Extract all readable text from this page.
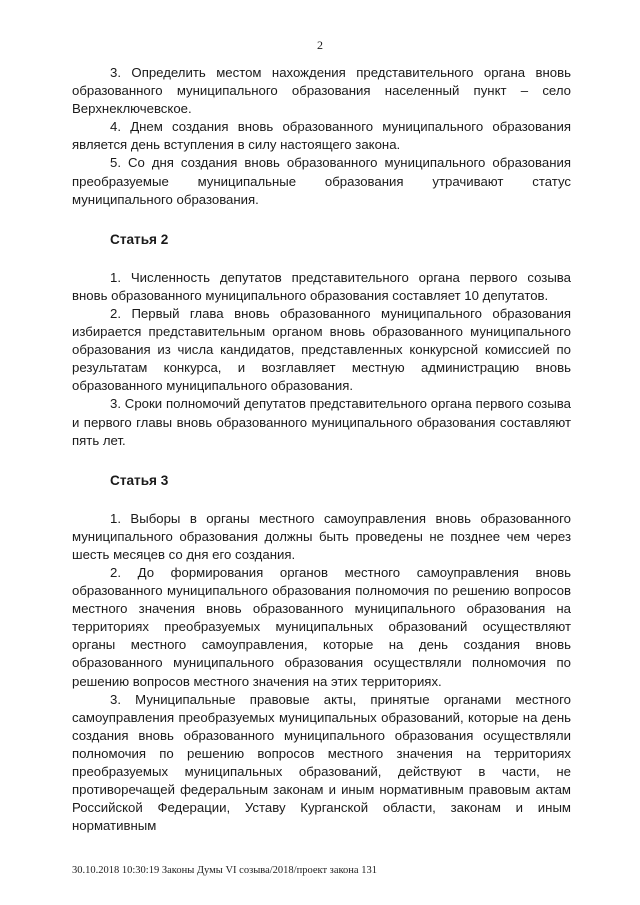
2

3. Определить местом нахождения представительного органа вновь образованного муниципального образования населенный пункт – село Верхнеключевское.

4. Днем создания вновь образованного муниципального образования является день вступления в силу настоящего закона.

5. Со дня создания вновь образованного муниципального образования преобразуемые муниципальные образования утрачивают статус муниципального образования.

Статья 2

1. Численность депутатов представительного органа первого созыва вновь образованного муниципального образования составляет 10 депутатов.

2. Первый глава вновь образованного муниципального образования избирается представительным органом вновь образованного муниципального образования из числа кандидатов, представленных конкурсной комиссией по результатам конкурса, и возглавляет местную администрацию вновь образованного муниципального образования.

3. Сроки полномочий депутатов представительного органа первого созыва и первого главы вновь образованного муниципального образования составляют пять лет.

Статья 3

1. Выборы в органы местного самоуправления вновь образованного муниципального образования должны быть проведены не позднее чем через шесть месяцев со дня его создания.

2. До формирования органов местного самоуправления вновь образованного муниципального образования полномочия по решению вопросов местного значения вновь образованного муниципального образования на территориях преобразуемых муниципальных образований осуществляют органы местного самоуправления, которые на день создания вновь образованного муниципального образования осуществляли полномочия по решению вопросов местного значения на этих территориях.

3. Муниципальные правовые акты, принятые органами местного самоуправления преобразуемых муниципальных образований, которые на день создания вновь образованного муниципального образования осуществляли полномочия по решению вопросов местного значения на территориях преобразуемых муниципальных образований, действуют в части, не противоречащей федеральным законам и иным нормативным правовым актам Российской Федерации, Уставу Курганской области, законам и иным нормативным

30.10.2018 10:30:19 Законы Думы VI созыва/2018/проект закона 131
